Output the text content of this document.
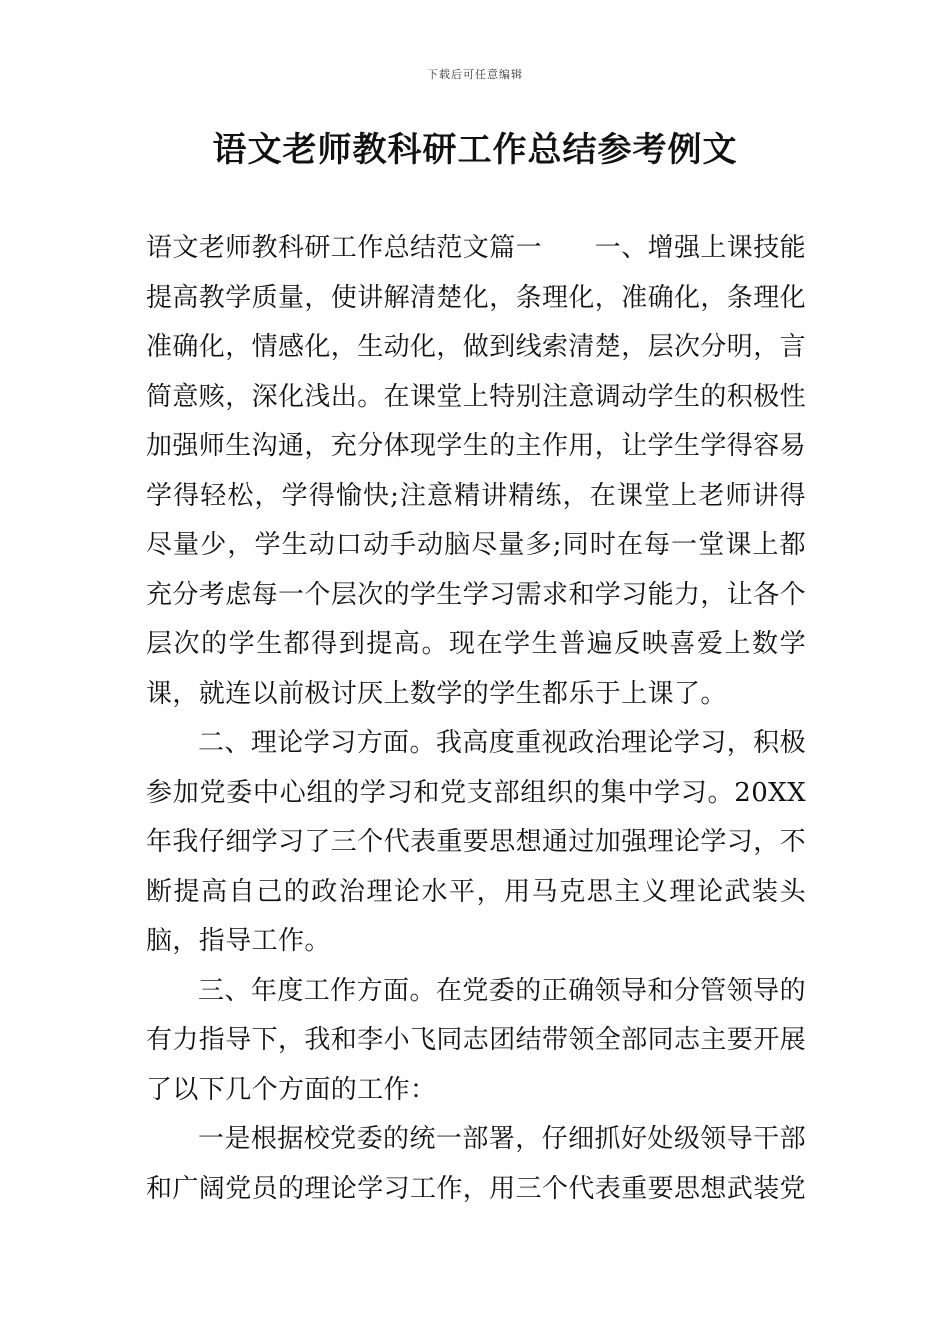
下载后可任意编辑
语文老师教科研工作总结参考例文

语文老师教科研工作总结范文篇一　　一、增强上课技能提高教学质量，使讲解清楚化，条理化，准确化，条理化准确化，情感化，生动化，做到线索清楚，层次分明，言简意赅，深化浅出。在课堂上特别注意调动学生的积极性加强师生沟通，充分体现学生的主作用，让学生学得容易学得轻松，学得愉快;注意精讲精练，在课堂上老师讲得尽量少，学生动口动手动脑尽量多;同时在每一堂课上都充分考虑每一个层次的学生学习需求和学习能力，让各个层次的学生都得到提高。现在学生普遍反映喜爱上数学课，就连以前极讨厌上数学的学生都乐于上课了。

二、理论学习方面。我高度重视政治理论学习，积极参加党委中心组的学习和党支部组织的集中学习。20XX年我仔细学习了三个代表重要思想通过加强理论学习，不断提高自己的政治理论水平，用马克思主义理论武装头脑，指导工作。

三、年度工作方面。在党委的正确领导和分管领导的有力指导下，我和李小飞同志团结带领全部同志主要开展了以下几个方面的工作：

一是根据校党委的统一部署，仔细抓好处级领导干部和广阔党员的理论学习工作，用三个代表重要思想武装党
